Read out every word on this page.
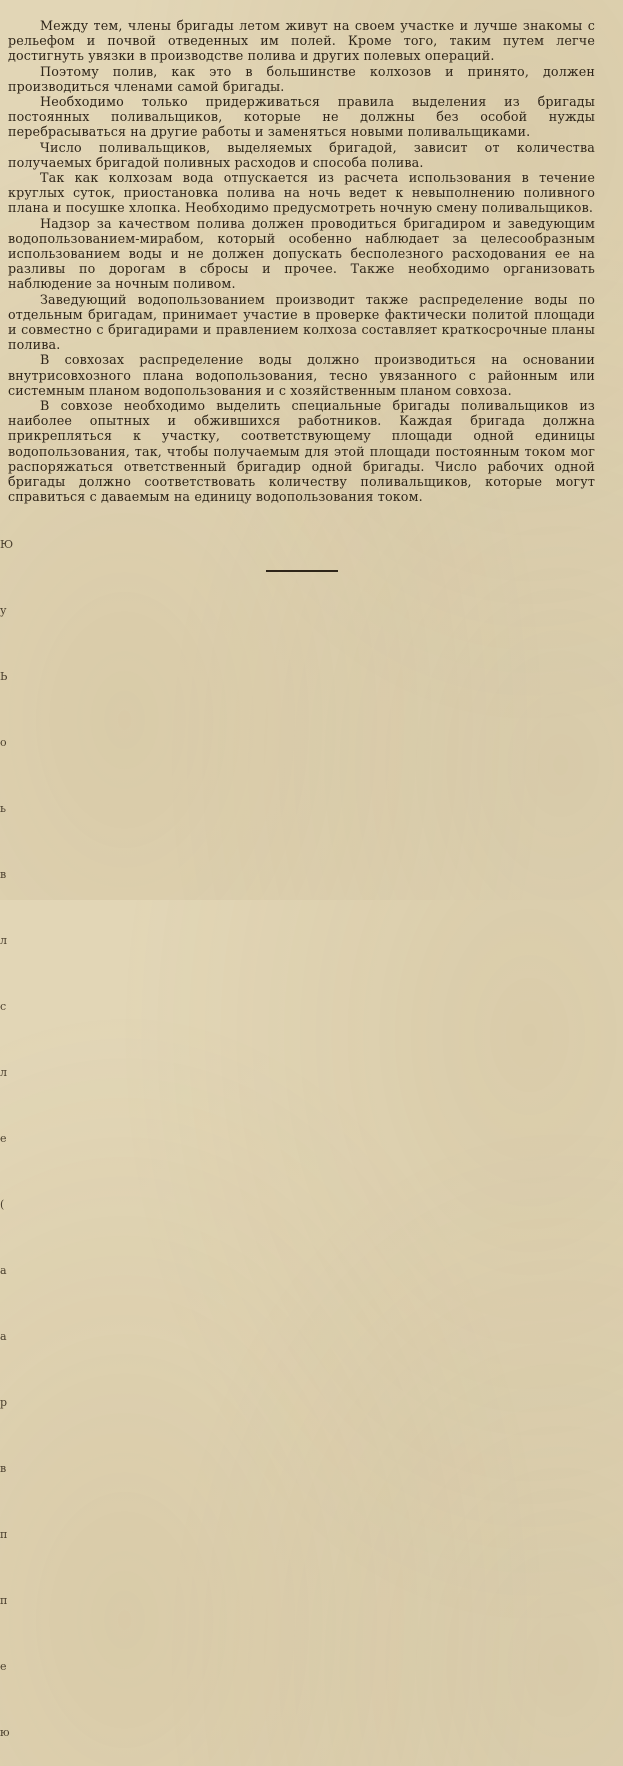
Между тем, члены бригады летом живут на своем участке и лучше знакомы с рельефом и почвой отведенных им полей. Кроме того, таким путем легче достигнуть увязки в производстве полива и других полевых операций.

Поэтому полив, как это в большинстве колхозов и принято, должен производиться членами самой бригады.

Необходимо только придерживаться правила выделения из бригады постоянных поливальщиков, которые не должны без особой нужды перебрасываться на другие работы и заменяться новыми поливальщиками.

Число поливальщиков, выделяемых бригадой, зависит от количества получаемых бригадой поливных расходов и способа полива.

Так как колхозам вода отпускается из расчета использования в течение круглых суток, приостановка полива на ночь ведет к невыполнению поливного плана и посушке хлопка. Необходимо предусмотреть ночную смену поливальщиков.

Надзор за качеством полива должен проводиться бригадиром и заведующим водопользованием-мирабом, который особенно наблюдает за целесообразным использованием воды и не должен допускать бесполезного расходования ее на разливы по дорогам в сбросы и прочее. Также необходимо организовать наблюдение за ночным поливом.

Заведующий водопользованием производит также распределение воды по отдельным бригадам, принимает участие в проверке фактически политой площади и совместно с бригадирами и правлением колхоза составляет краткосрочные планы полива.

В совхозах распределение воды должно производиться на основании внутрисовхозного плана водопользования, тесно увязанного с районным или системным планом водопользования и с хозяйственным планом совхоза.

В совхозе необходимо выделить специальные бригады поливальщиков из наиболее опытных и обжившихся работников. Каждая бригада должна прикрепляться к участку, соответствующему площади одной единицы водопользования, так, чтобы получаемым для этой площади постоянным током мог распоряжаться ответственный бригадир одной бригады. Число рабочих одной бригады должно соответствовать количеству поливальщиков, которые могут справиться с даваемым на единицу водопользования током.

Ю

у

Ь

о

ь

в

л

с

л

е

(

а

а

р

в

п

п

е

ю
